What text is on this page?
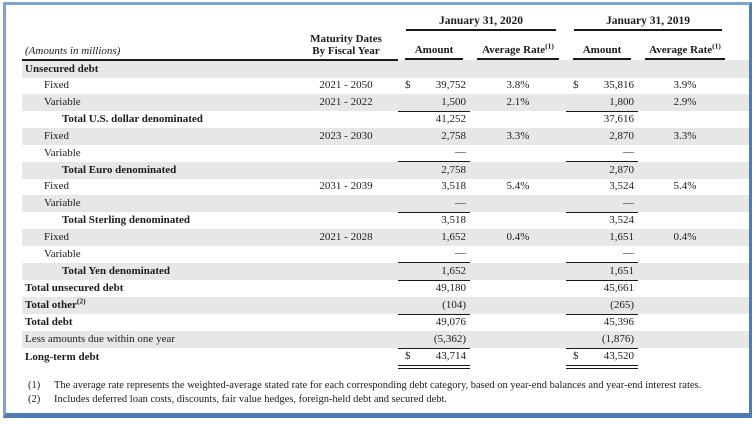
		January 31, 2020		January 31, 2019		

(Amounts in millions)	Maturity Dates
By Fiscal Year	Amount	Average Rate$^{(1)}$	Amount	Average Rate$^{(1)}$

Unsecured debt		

Fixed	2021 - 2050	$ 39,752	3.8%	$ 35,816	3.9%	
Variable	2021 - 2022	1,500	2.1%	1,800	2.9%	
Total U.S. dollar denominated		41,252		37,616		

Fixed	2023 - 2030	2,758	3.3%	2,870	3.3%	
Variable		—		—		

Total Euro denominated		2,758		2,870		

Fixed	2031 - 2039	3,518	5.4%	3,524	5.4%	
Variable		—		—		

Total Sterling denominated		3,518		3,524		

Fixed	2021 - 2028	1,652	0.4%	1,651	0.4%	
Variable		—		—		

Total Yen denominated		1,652		1,651		

Total unsecured debt		49,180		45,661		

Total other$^{(2)}$		(104)		(265)		

Total debt		49,076		45,396		

Less amounts due within one year		(5,362)		(1,876)		

Long-term debt		$ 43,714		$ 43,520		

(1)	The average rate represents the weighted-average stated rate for each corresponding debt category, based on year-end balances and year-end interest rates.
(2)	Includes deferred loan costs, discounts, fair value hedges, foreign-held debt and secured debt.
